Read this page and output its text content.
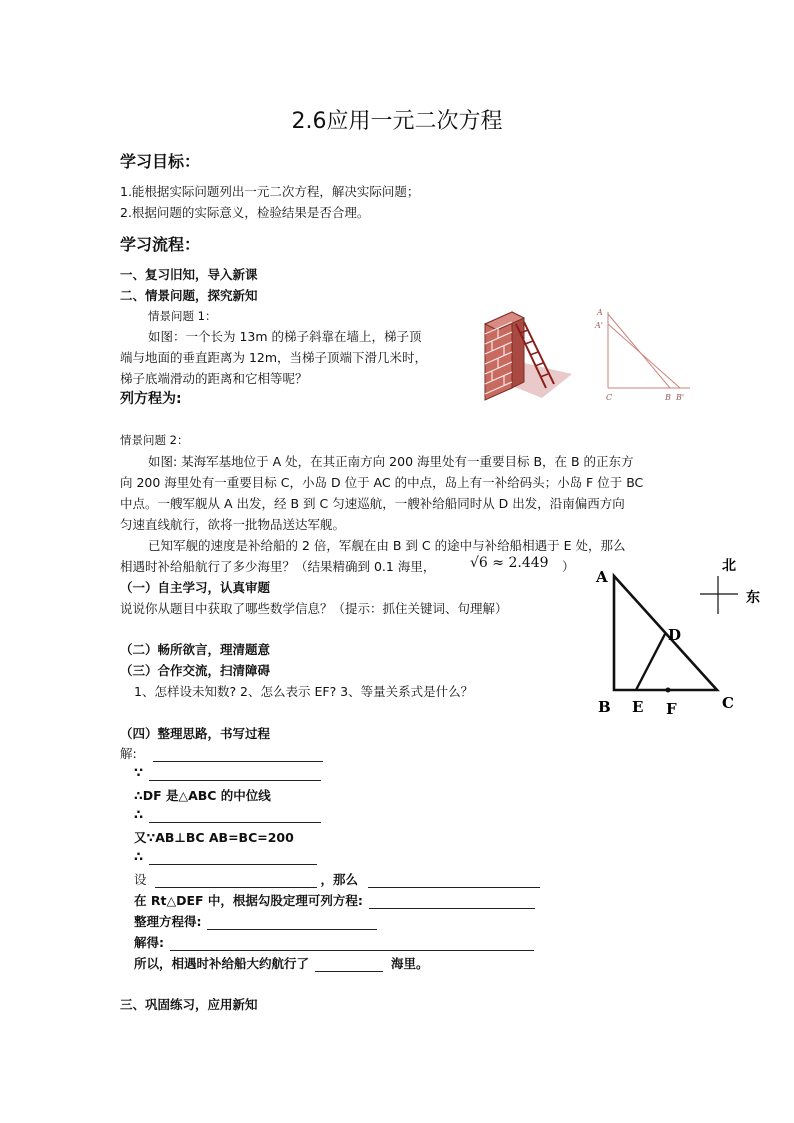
2.6应用一元二次方程
学习目标：
1.能根据实际问题列出一元二次方程，解决实际问题；
2.根据问题的实际意义，检验结果是否合理。
学习流程：
一、复习旧知，导入新课
二、情景问题，探究新知
情景问题 1：
如图：一个长为 13m 的梯子斜靠在墙上，梯子顶
端与地面的垂直距离为 12m，当梯子顶端下滑几米时，
梯子底端滑动的距离和它相等呢？
列方程为:
A
A'
C	B B'
情景问题 2：
如图: 某海军基地位于 A 处，在其正南方向 200 海里处有一重要目标 B，在 B 的正东方
向 200 海里处有一重要目标 C，小岛 D 位于 AC 的中点，岛上有一补给码头；小岛 F 位于 BC
中点。一艘军舰从 A 出发，经 B 到 C 匀速巡航，一艘补给船同时从 D 出发，沿南偏西方向
匀速直线航行，欲将一批物品送达军舰。
已知军舰的速度是补给船的 2 倍，军舰在由 B 到 C 的途中与补给船相遇于 E 处，那么
相遇时补给船航行了多少海里？（结果精确到 0.1 海里， √6 ≈ 2.449 ）
A
B	C
D
E F
北
东
（一）自主学习，认真审题
说说你从题目中获取了哪些数学信息？（提示：抓住关键词、句理解）
（二）畅所欲言，理清题意
（三）合作交流，扫清障碍
1、怎样设未知数? 2、怎么表示 EF? 3、等量关系式是什么？
（四）整理思路，书写过程
解:
∵
∴DF 是△ABC 的中位线
∴
又∵AB⊥BC AB=BC=200
∴
设	，那么
在 Rt△DEF 中，根据勾股定理可列方程:
整理方程得:
解得:
所以，相遇时补给船大约航行了	海里。
三、巩固练习，应用新知
